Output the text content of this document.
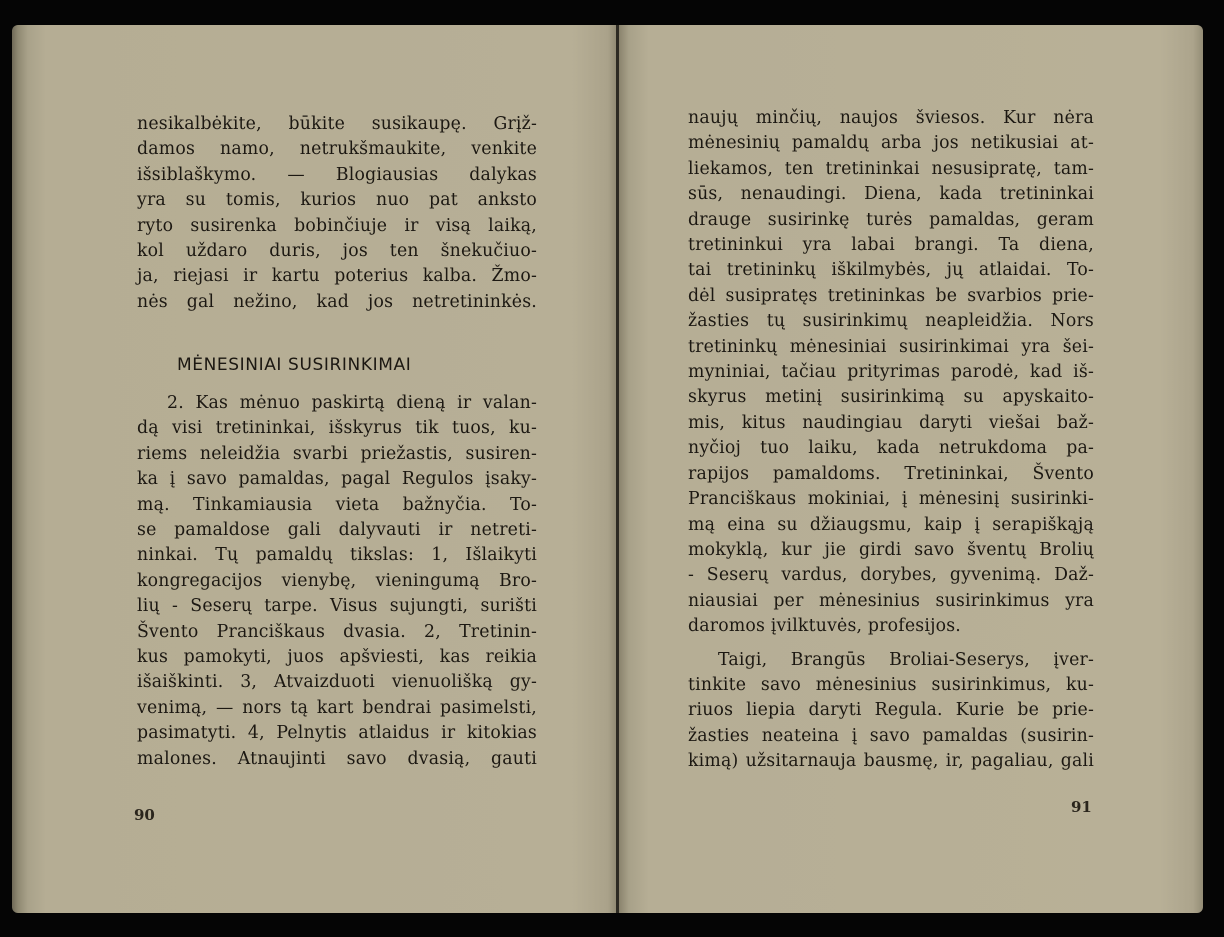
nesikalbėkite, būkite susikaupę. Grįž-
damos namo, netrukšmaukite, venkite
išsiblaškymo. — Blogiausias dalykas
yra su tomis, kurios nuo pat anksto
ryto susirenka bobinčiuje ir visą laiką,
kol uždaro duris, jos ten šnekučiuo-
ja, riejasi ir kartu poterius kalba. Žmo-
nės gal nežino, kad jos netretininkės.
MĖNESINIAI SUSIRINKIMAI
2. Kas mėnuo paskirtą dieną ir valan-
dą visi tretininkai, išskyrus tik tuos, ku-
riems neleidžia svarbi priežastis, susiren-
ka į savo pamaldas, pagal Regulos įsaky-
mą. Tinkamiausia vieta bažnyčia. To-
se pamaldose gali dalyvauti ir netreti-
ninkai. Tų pamaldų tikslas: 1, Išlaikyti
kongregacijos vienybę, vieningumą Bro-
lių - Seserų tarpe. Visus sujungti, surišti
Švento Pranciškaus dvasia. 2, Tretinin-
kus pamokyti, juos apšviesti, kas reikia
išaiškinti. 3, Atvaizduoti vienuolišką gy-
venimą, — nors tą kart bendrai pasimelsti,
pasimatyti. 4, Pelnytis atlaidus ir kitokias
malones. Atnaujinti savo dvasią, gauti
90
naujų minčių, naujos šviesos. Kur nėra
mėnesinių pamaldų arba jos netikusiai at-
liekamos, ten tretininkai nesusipratę, tam-
sūs, nenaudingi. Diena, kada tretininkai
drauge susirinkę turės pamaldas, geram
tretininkui yra labai brangi. Ta diena,
tai tretininkų iškilmybės, jų atlaidai. To-
dėl susipratęs tretininkas be svarbios prie-
žasties tų susirinkimų neapleidžia. Nors
tretininkų mėnesiniai susirinkimai yra šei-
myniniai, tačiau prityrimas parodė, kad iš-
skyrus metinį susirinkimą su apyskaito-
mis, kitus naudingiau daryti viešai baž-
nyčioj tuo laiku, kada netrukdoma pa-
rapijos pamaldoms. Tretininkai, Švento
Pranciškaus mokiniai, į mėnesinį susirinki-
mą eina su džiaugsmu, kaip į serapiškąją
mokyklą, kur jie girdi savo šventų Brolių
- Seserų vardus, dorybes, gyvenimą. Daž-
niausiai per mėnesinius susirinkimus yra
daromos įvilktuvės, profesijos.
Taigi, Brangūs Broliai-Seserys, įver-
tinkite savo mėnesinius susirinkimus, ku-
riuos liepia daryti Regula. Kurie be prie-
žasties neateina į savo pamaldas (susirin-
kimą) užsitarnauja bausmę, ir, pagaliau, gali
91
